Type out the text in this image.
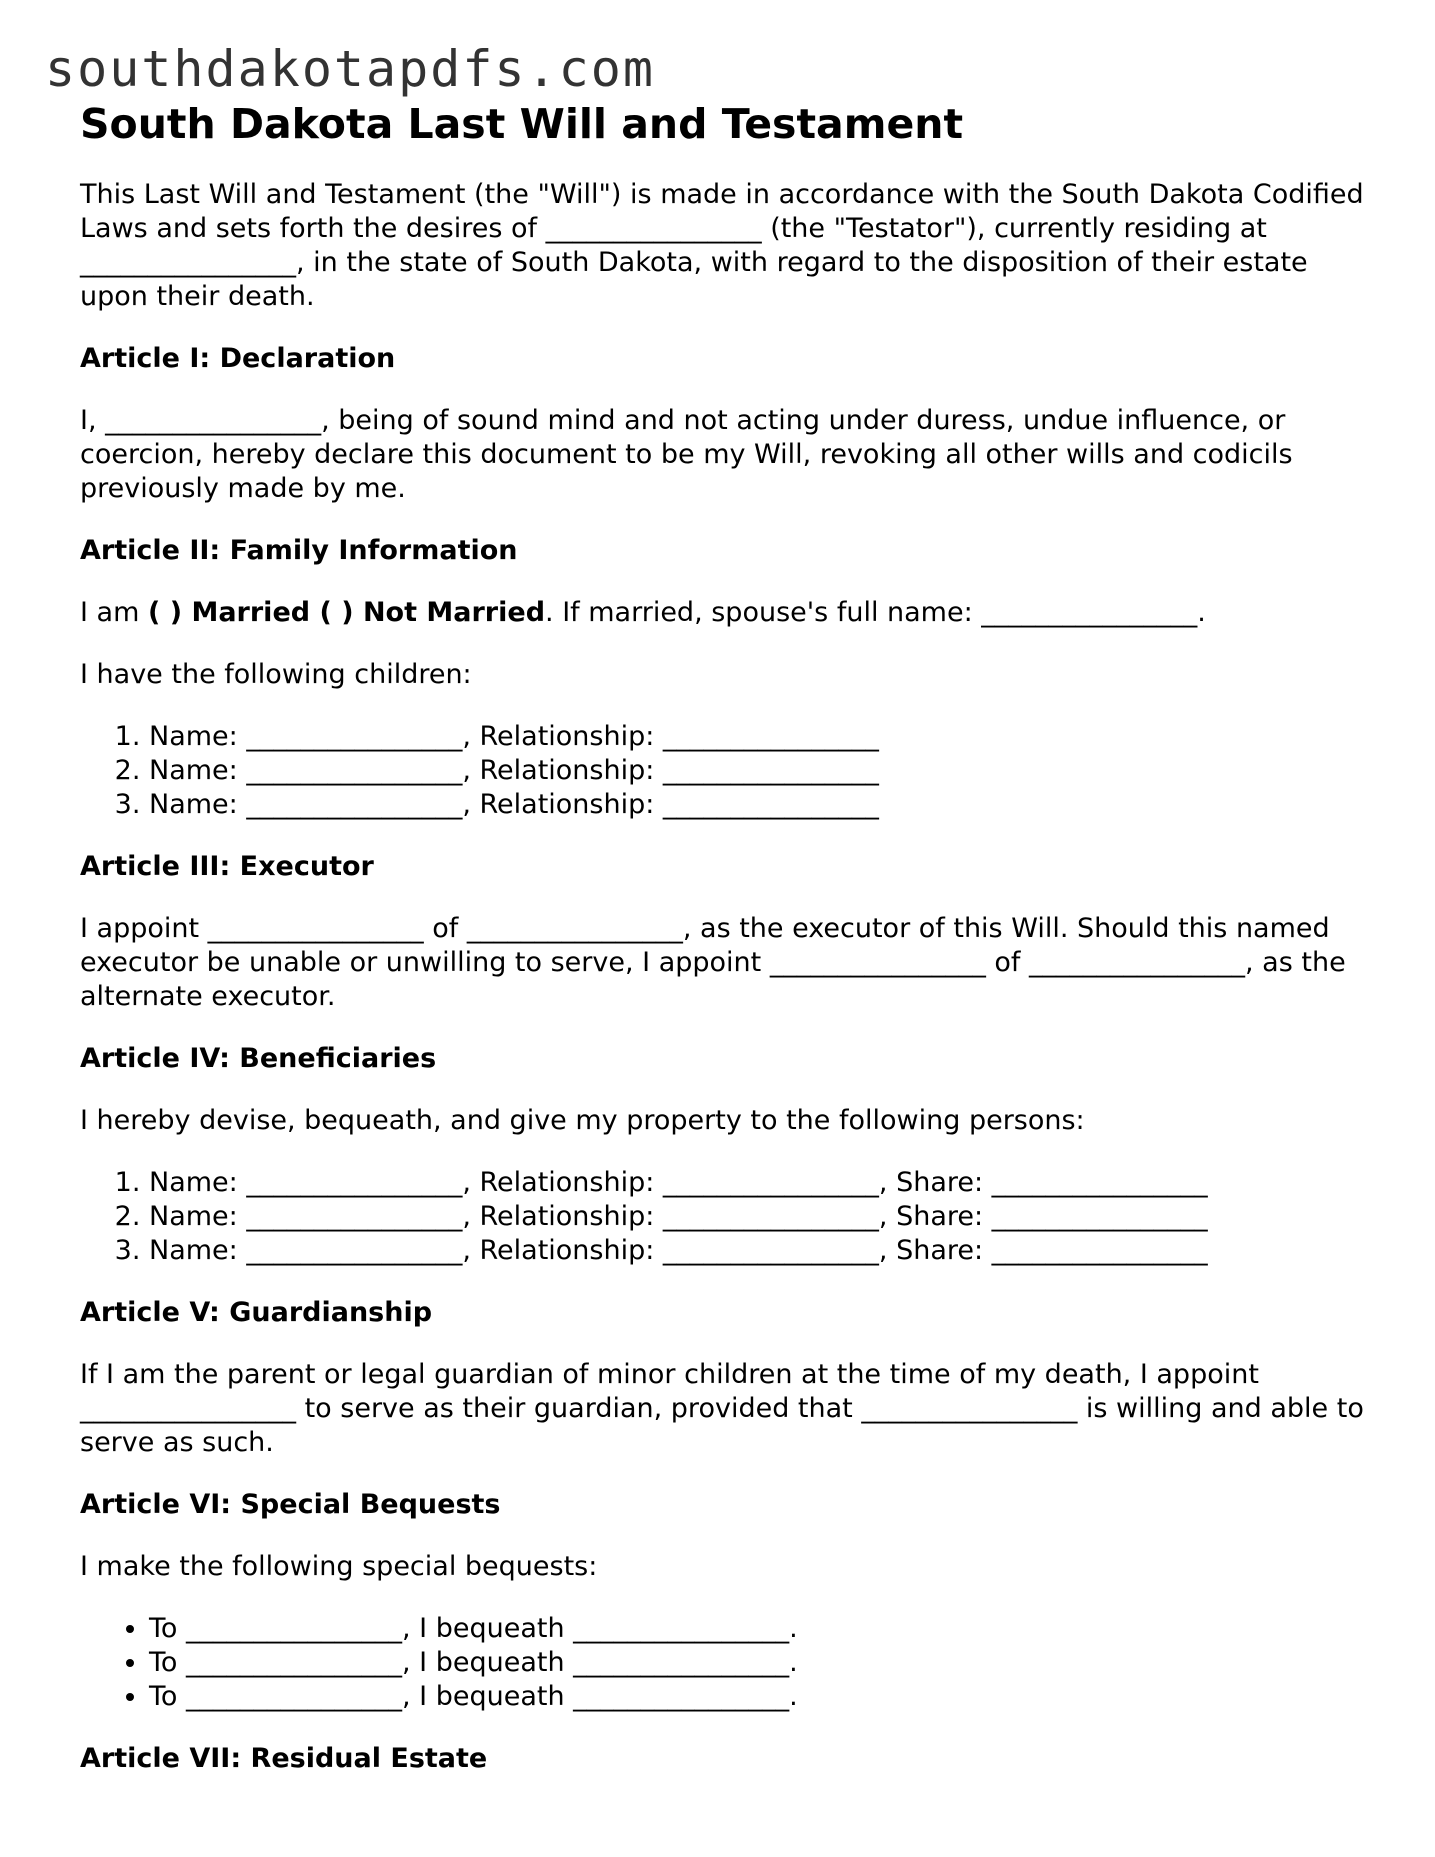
southdakotapdfs.com
South Dakota Last Will and Testament

This Last Will and Testament (the "Will") is made in accordance with the South Dakota Codified Laws and sets forth the desires of ________________ (the "Testator"), currently residing at ________________, in the state of South Dakota, with regard to the disposition of their estate upon their death.

Article I: Declaration

I, ________________, being of sound mind and not acting under duress, undue influence, or coercion, hereby declare this document to be my Will, revoking all other wills and codicils previously made by me.

Article II: Family Information

I am ( ) Married ( ) Not Married. If married, spouse's full name: ________________.

I have the following children:

1. Name: ________________, Relationship: ________________
2. Name: ________________, Relationship: ________________
3. Name: ________________, Relationship: ________________
Article III: Executor

I appoint ________________ of ________________, as the executor of this Will. Should this named executor be unable or unwilling to serve, I appoint ________________ of ________________, as the alternate executor.

Article IV: Beneficiaries

I hereby devise, bequeath, and give my property to the following persons:

1. Name: ________________, Relationship: ________________, Share: ________________
2. Name: ________________, Relationship: ________________, Share: ________________
3. Name: ________________, Relationship: ________________, Share: ________________
Article V: Guardianship

If I am the parent or legal guardian of minor children at the time of my death, I appoint ________________ to serve as their guardian, provided that ________________ is willing and able to serve as such.

Article VI: Special Bequests

I make the following special bequests:

• To ________________, I bequeath ________________.
• To ________________, I bequeath ________________.
• To ________________, I bequeath ________________.
Article VII: Residual Estate
